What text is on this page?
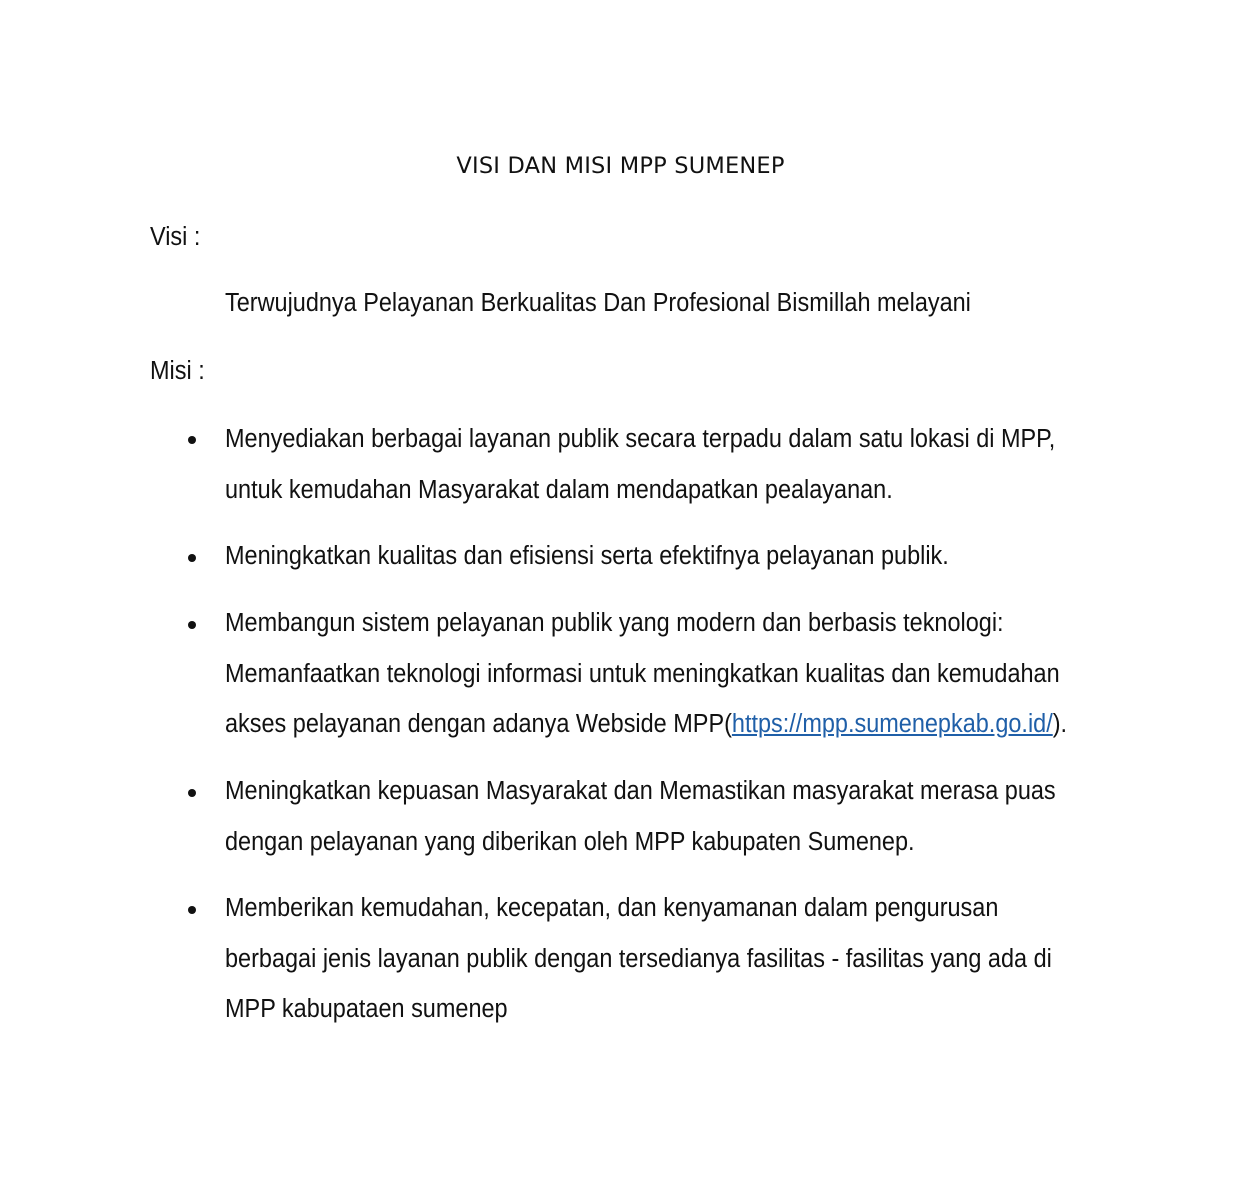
VISI DAN MISI MPP SUMENEP
Visi :
Terwujudnya Pelayanan Berkualitas Dan Profesional Bismillah melayani
Misi :
Menyediakan berbagai layanan publik secara terpadu dalam satu lokasi di MPP,
untuk kemudahan Masyarakat dalam mendapatkan pealayanan.
Meningkatkan kualitas dan efisiensi serta efektifnya pelayanan publik.
Membangun sistem pelayanan publik yang modern dan berbasis teknologi:
Memanfaatkan teknologi informasi untuk meningkatkan kualitas dan kemudahan
akses pelayanan dengan adanya Webside MPP(https://mpp.sumenepkab.go.id/).
Meningkatkan kepuasan Masyarakat dan Memastikan masyarakat merasa puas
dengan pelayanan yang diberikan oleh MPP kabupaten Sumenep.
Memberikan kemudahan, kecepatan, dan kenyamanan dalam pengurusan
berbagai jenis layanan publik dengan tersedianya fasilitas - fasilitas yang ada di
MPP kabupataen sumenep
